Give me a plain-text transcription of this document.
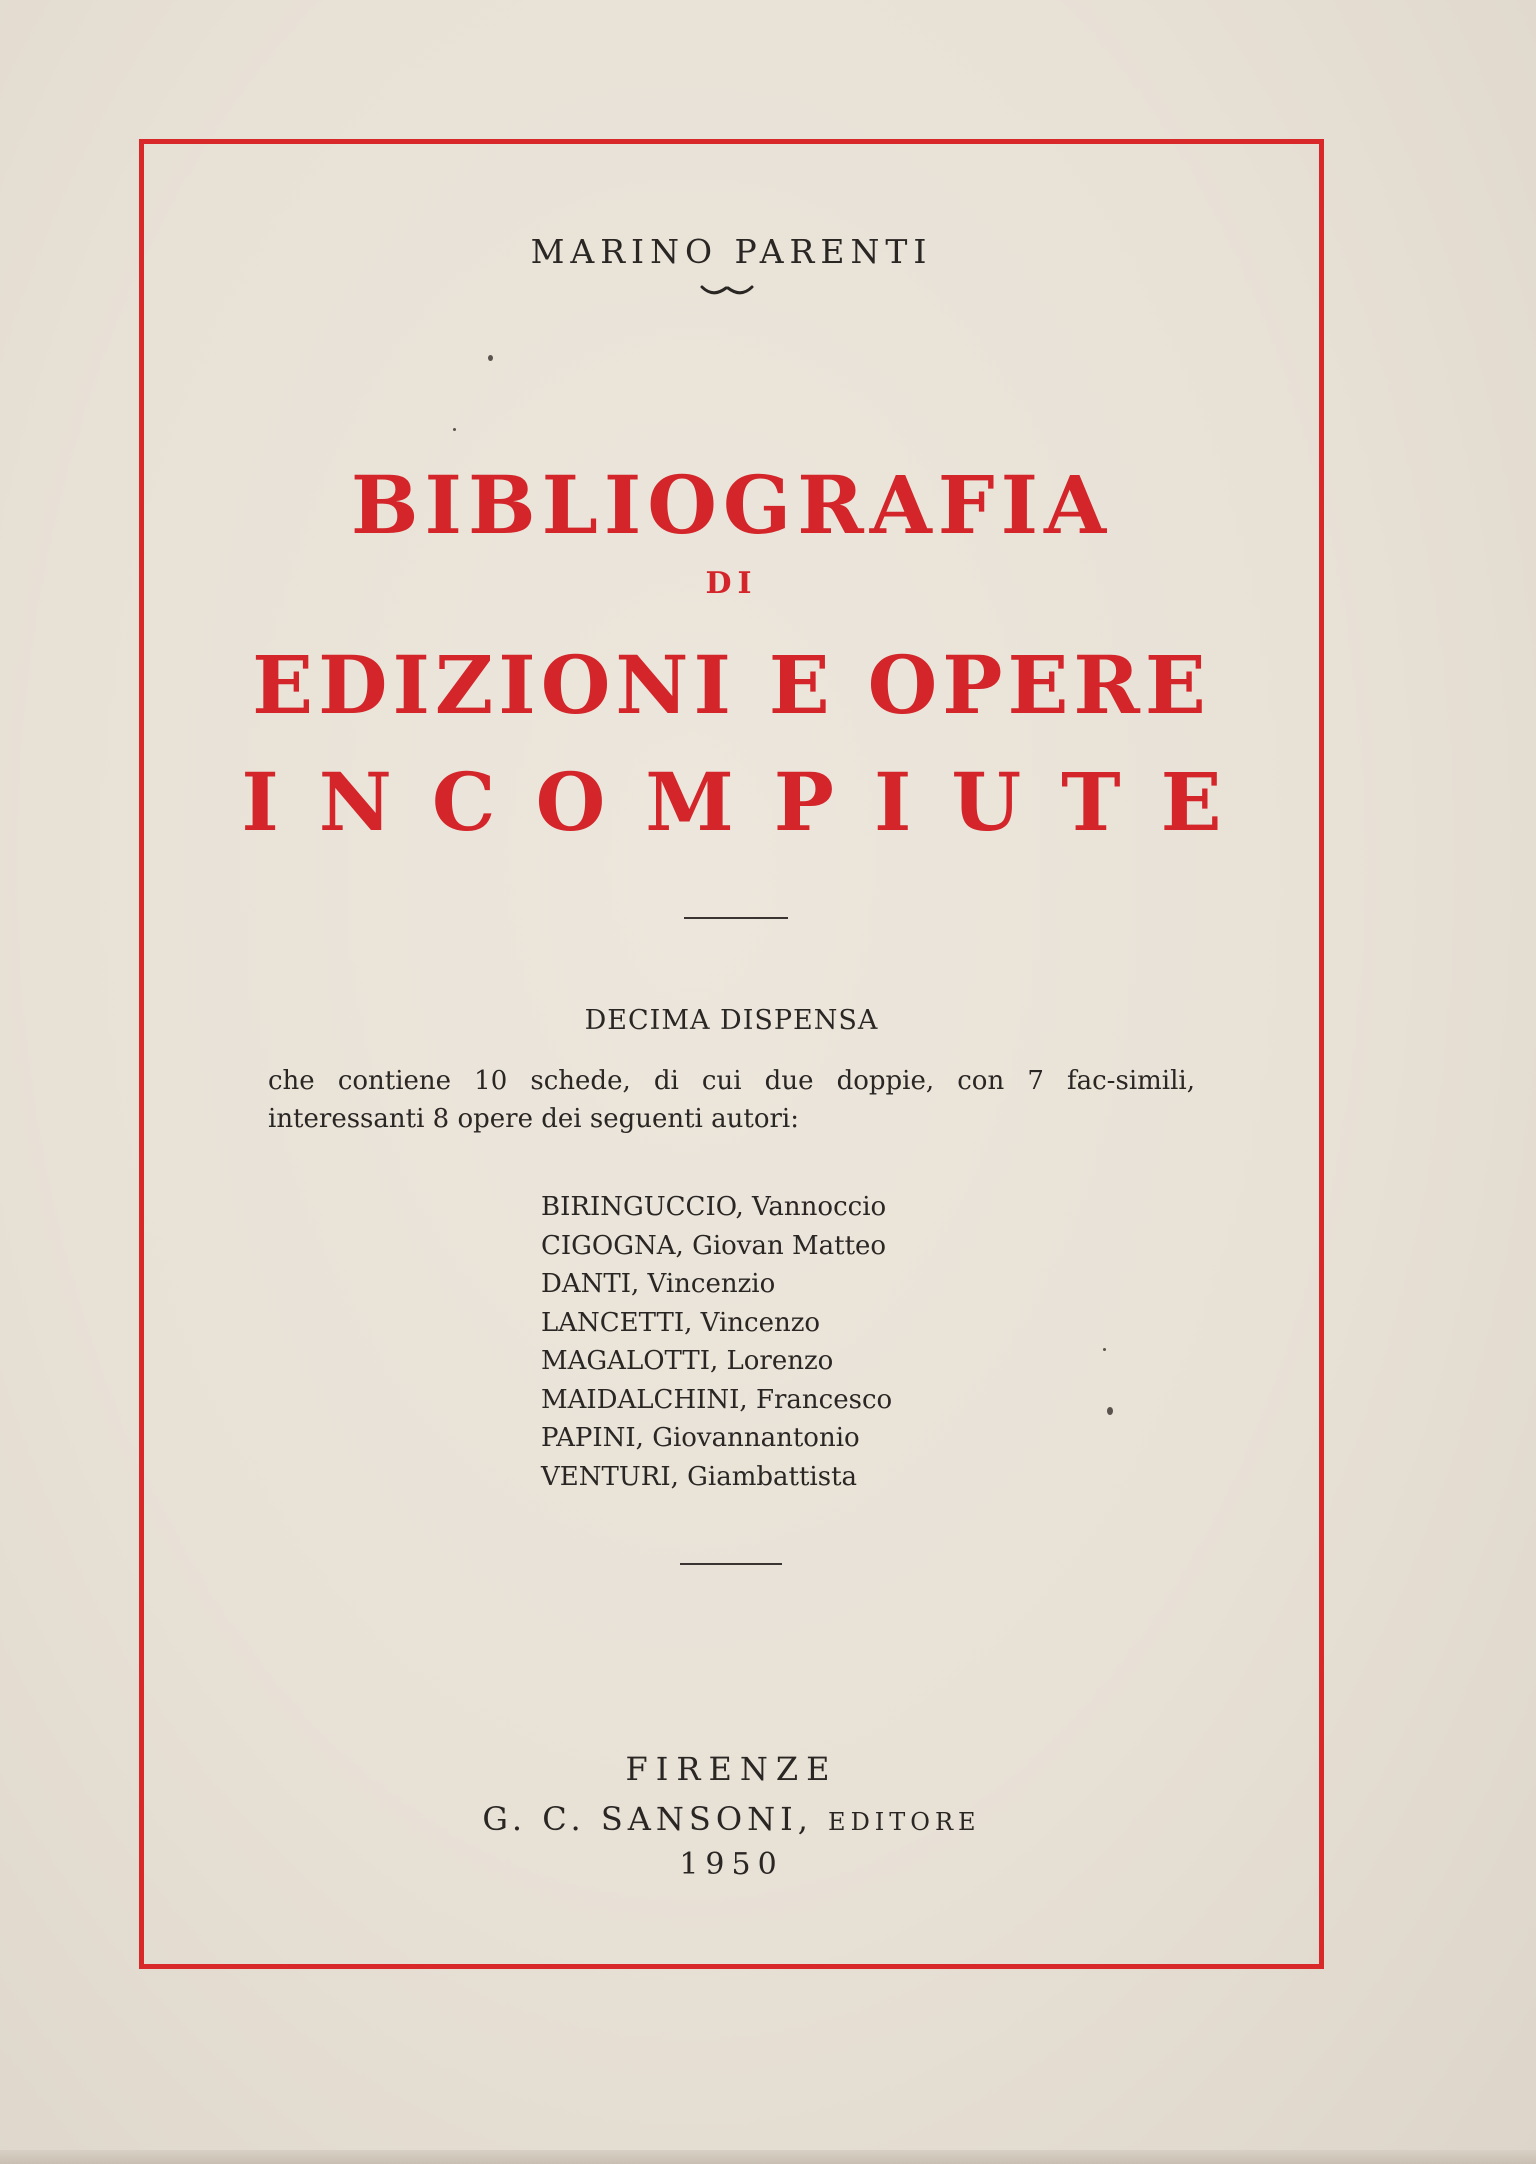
MARINO PARENTI
BIBLIOGRAFIA
DI
EDIZIONI E OPERE
INCOMPIUTE
DECIMA DISPENSA
che contiene 10 schede, di cui due doppie, con 7 fac-simili,
interessanti 8 opere dei seguenti autori:
BIRINGUCCIO, Vannoccio
CIGOGNA, Giovan Matteo
DANTI, Vincenzio
LANCETTI, Vincenzo
MAGALOTTI, Lorenzo
MAIDALCHINI, Francesco
PAPINI, Giovannantonio
VENTURI, Giambattista
FIRENZE
G. C. SANSONI, EDITORE
1950
